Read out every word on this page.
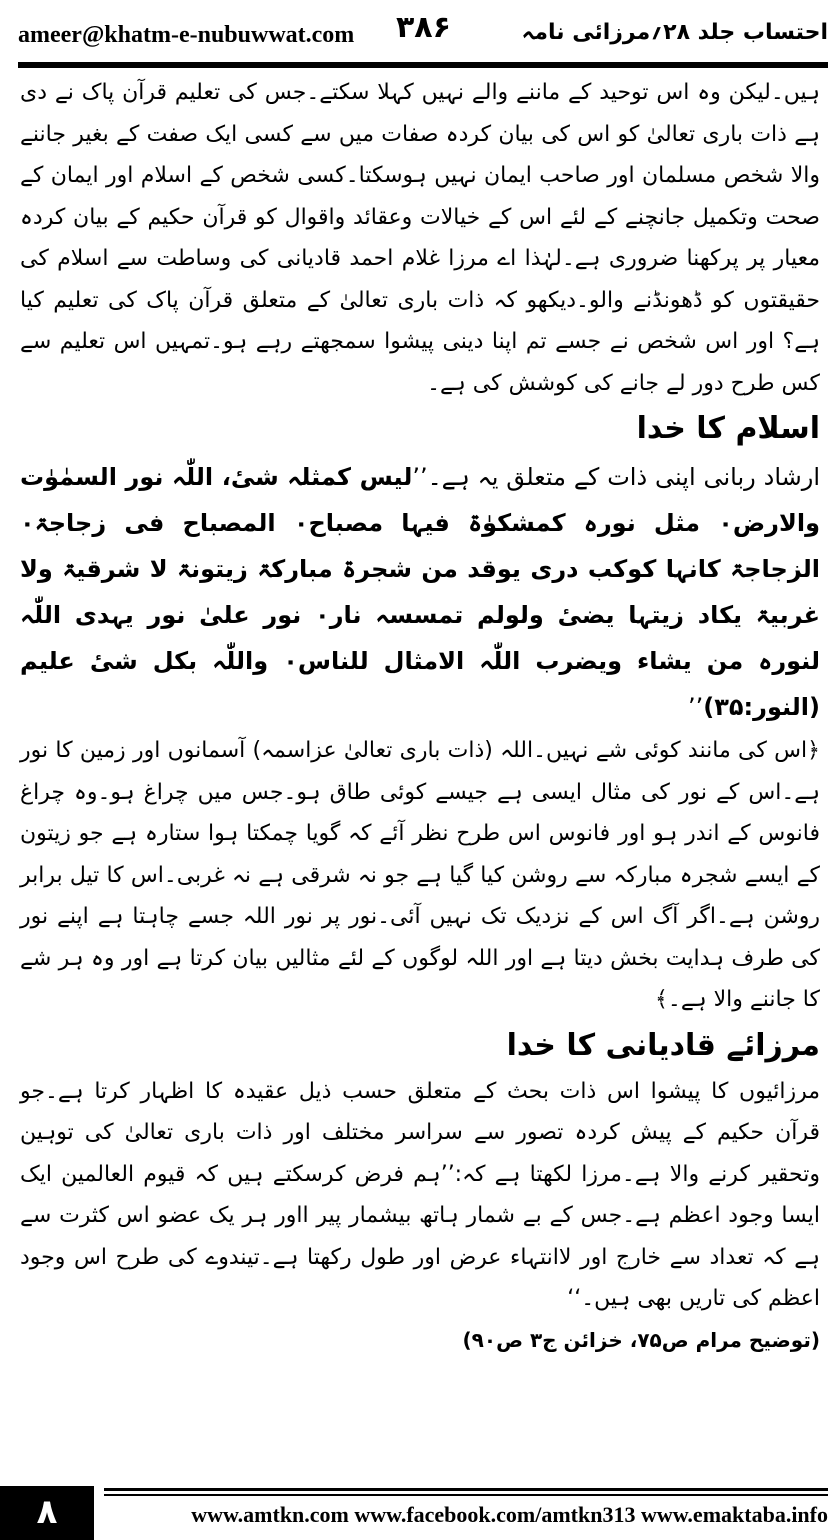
ameer@khatm-e-nubuwwat.com ۳۸۶	احتساب جلد ۲۸؍مرزائی نامہ

ہیں۔لیکن وہ اس توحید کے ماننے والے نہیں کہلا سکتے۔جس کی تعلیم قرآن پاک نے دی ہے ذات باری تعالیٰ کو اس کی بیان کردہ صفات میں سے کسی ایک صفت کے بغیر جاننے والا شخص مسلمان اور صاحب ایمان نہیں ہوسکتا۔کسی شخص کے اسلام اور ایمان کے صحت وتکمیل جانچنے کے لئے اس کے خیالات وعقائد واقوال کو قرآن حکیم کے بیان کردہ معیار پر پرکھنا ضروری ہے۔لہٰذا اے مرزا غلام احمد قادیانی کی وساطت سے اسلام کی حقیقتوں کو ڈھونڈنے والو۔دیکھو کہ ذات باری تعالیٰ کے متعلق قرآن پاک کی تعلیم کیا ہے؟ اور اس شخص نے جسے تم اپنا دینی پیشوا سمجھتے رہے ہو۔تمہیں اس تعلیم سے کس طرح دور لے جانے کی کوشش کی ہے۔

اسلام کا خدا

ارشاد ربانی اپنی ذات کے متعلق یہ ہے۔’’لیس کمثلہ شیٔ، اللّٰہ نور السمٰوٰت والارض۰ مثل نورہ کمشکوٰۃ فیہا مصباح۰ المصباح فی زجاجۃ۰ الزجاجۃ کانہا کوکب دری یوقد من شجرۃ مبارکۃ زیتونۃ لا شرقیۃ ولا غربیۃ یکاد زیتہا یضیٔ ولولم تمسسہ نار۰ نور علیٰ نور یہدی اللّٰہ لنورہ من یشاء ویضرب اللّٰہ الامثال للناس۰ واللّٰہ بکل شیٔ علیم (النور:۳۵)’’

﴿اس کی مانند کوئی شے نہیں۔اللہ (ذات باری تعالیٰ عزاسمہ) آسمانوں اور زمین کا نور ہے۔اس کے نور کی مثال ایسی ہے جیسے کوئی طاق ہو۔جس میں چراغ ہو۔وہ چراغ فانوس کے اندر ہو اور فانوس اس طرح نظر آئے کہ گویا چمکتا ہوا ستارہ ہے جو زیتون کے ایسے شجرہ مبارکہ سے روشن کیا گیا ہے جو نہ شرقی ہے نہ غربی۔اس کا تیل برابر روشن ہے۔اگر آگ اس کے نزدیک تک نہیں آئی۔نور پر نور اللہ جسے چاہتا ہے اپنے نور کی طرف ہدایت بخش دیتا ہے اور اللہ لوگوں کے لئے مثالیں بیان کرتا ہے اور وہ ہر شے کا جاننے والا ہے۔﴾

مرزائے قادیانی کا خدا

مرزائیوں کا پیشوا اس ذات بحث کے متعلق حسب ذیل عقیدہ کا اظہار کرتا ہے۔جو قرآن حکیم کے پیش کردہ تصور سے سراسر مختلف اور ذات باری تعالیٰ کی توہین وتحقیر کرنے والا ہے۔مرزا لکھتا ہے کہ:’’ہم فرض کرسکتے ہیں کہ قیوم العالمین ایک ایسا وجود اعظم ہے۔جس کے بے شمار ہاتھ بیشمار پیر ااور ہر یک عضو اس کثرت سے ہے کہ تعداد سے خارج اور لاانتہاء عرض اور طول رکھتا ہے۔تیندوے کی طرح اس وجود اعظم کی تاریں بھی ہیں۔‘‘

(توضیح مرام ص۷۵، خزائن ج۳ ص۹۰)

٨	www.amtkn.com www.facebook.com/amtkn313 www.emaktaba.info
